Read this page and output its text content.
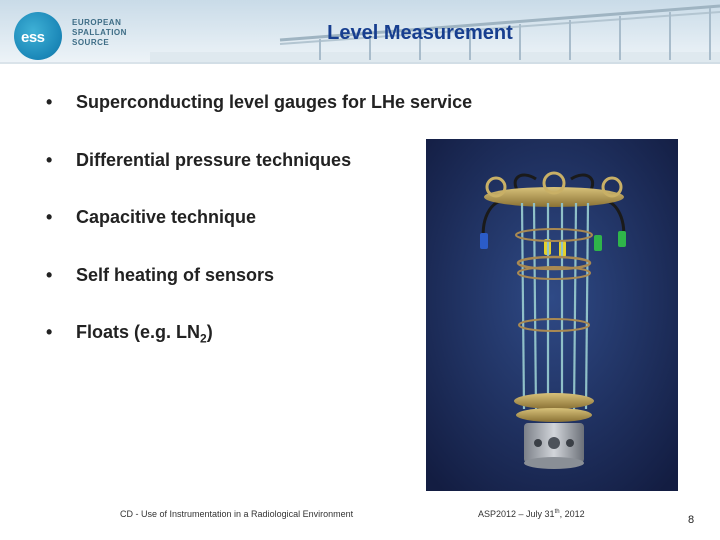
ess
EUROPEAN
SPALLATION
SOURCE	Level Measurement
• Superconducting level gauges for LHe service
• Differential pressure techniques
• Capacitive technique
• Self heating of sensors
• Floats (e.g. $LN_2$)
CD - Use of Instrumentation in a Radiological Environment	ASP2012 – July 31th, 2012	8
